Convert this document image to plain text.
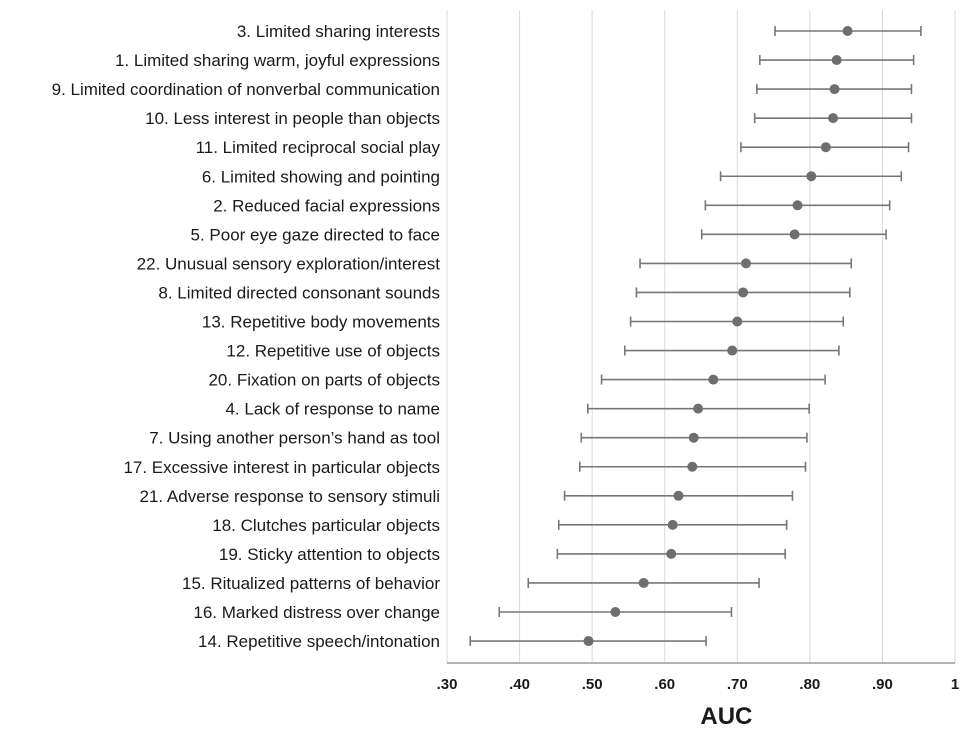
3. Limited sharing interests
1. Limited sharing warm, joyful expressions
9. Limited coordination of nonverbal communication
10. Less interest in people than objects
11. Limited reciprocal social play
6. Limited showing and pointing
2. Reduced facial expressions
5. Poor eye gaze directed to face
22. Unusual sensory exploration/interest
8. Limited directed consonant sounds
13. Repetitive body movements
12. Repetitive use of objects
20. Fixation on parts of objects
4. Lack of response to name
7. Using another person’s hand as tool
17. Excessive interest in particular objects
21. Adverse response to sensory stimuli
18. Clutches particular objects
19. Sticky attention to objects
15. Ritualized patterns of behavior
16. Marked distress over change
14. Repetitive speech/intonation
.30	.40	.50	.60	.70	.80	.90	1
AUC
